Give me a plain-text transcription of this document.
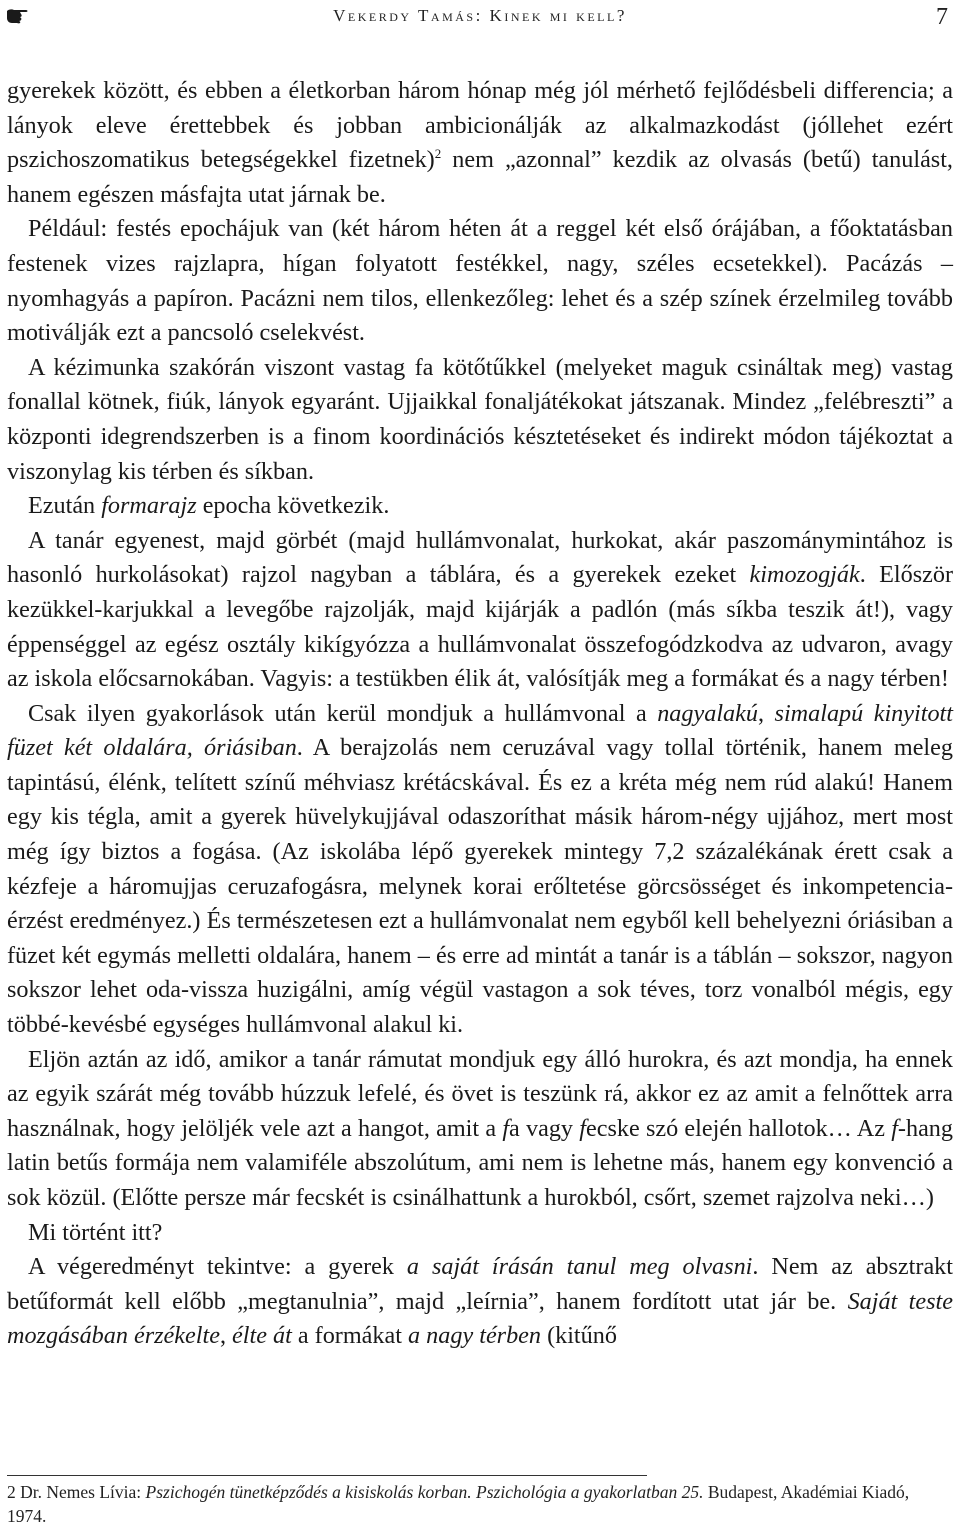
Vekerdy Tamás: Kinek mi kell?	7

gyerekek között, és ebben a életkorban három hónap még jól mérhető fejlődésbeli differencia; a lányok eleve érettebbek és jobban ambicionálják az alkalmazkodást (jóllehet ezért pszichoszomatikus betegségekkel fizetnek)$^2$ nem „azonnal” kezdik az olvasás (betű) tanulást, hanem egészen másfajta utat járnak be.

Például: festés epochájuk van (két három héten át a reggel két első órájában, a főoktatásban festenek vizes rajzlapra, hígan folyatott festékkel, nagy, széles ecsetekkel). Pacázás – nyomhagyás a papíron. Pacázni nem tilos, ellenkezőleg: lehet és a szép színek érzelmileg tovább motiválják ezt a pancsoló cselekvést.

A kézimunka szakórán viszont vastag fa kötőtűkkel (melyeket maguk csináltak meg) vastag fonallal kötnek, fiúk, lányok egyaránt. Ujjaikkal fonaljátékokat játszanak. Mindez „felébreszti” a központi idegrendszerben is a finom koordinációs késztetéseket és indirekt módon tájékoztat a viszonylag kis térben és síkban.

Ezután formarajz epocha következik.

A tanár egyenest, majd görbét (majd hullámvonalat, hurkokat, akár paszománymintához is hasonló hurkolásokat) rajzol nagyban a táblára, és a gyerekek ezeket kimozogják. Először kezükkel-karjukkal a levegőbe rajzolják, majd kijárják a padlón (más síkba teszik át!), vagy éppenséggel az egész osztály kikígyózza a hullámvonalat összefogódzkodva az udvaron, avagy az iskola előcsarnokában. Vagyis: a testükben élik át, valósítják meg a formákat és a nagy térben!

Csak ilyen gyakorlások után kerül mondjuk a hullámvonal a nagyalakú, simalapú kinyitott füzet két oldalára, óriásiban. A berajzolás nem ceruzával vagy tollal történik, hanem meleg tapintású, élénk, telített színű méhviasz krétácskával. És ez a kréta még nem rúd alakú! Hanem egy kis tégla, amit a gyerek hüvelykujjával odaszoríthat másik három-négy ujjához, mert most még így biztos a fogása. (Az iskolába lépő gyerekek mintegy 7,2 százalékának érett csak a kézfeje a háromujjas ceruzafogásra, melynek korai erőltetése görcsösséget és inkompetencia-érzést eredményez.) És természetesen ezt a hullámvonalat nem egyből kell behelyezni óriásiban a füzet két egymás melletti oldalára, hanem – és erre ad mintát a tanár is a táblán – sokszor, nagyon sokszor lehet oda-vissza huzigálni, amíg végül vastagon a sok téves, torz vonalból mégis, egy többé-kevésbé egységes hullámvonal alakul ki.

Eljön aztán az idő, amikor a tanár rámutat mondjuk egy álló hurokra, és azt mondja, ha ennek az egyik szárát még tovább húzzuk lefelé, és övet is teszünk rá, akkor ez az amit a felnőttek arra használnak, hogy jelöljék vele azt a hangot, amit a fa vagy fecske szó elején hallotok… Az f-hang latin betűs formája nem valamiféle abszolútum, ami nem is lehetne más, hanem egy konvenció a sok közül. (Előtte persze már fecskét is csinálhattunk a hurokból, csőrt, szemet rajzolva neki…)

Mi történt itt?

A végeredményt tekintve: a gyerek a saját írásán tanul meg olvasni. Nem az absztrakt betűformát kell előbb „megtanulnia”, majd „leírnia”, hanem fordított utat jár be. Saját teste mozgásában érzékelte, élte át a formákat a nagy térben (kitűnő

2 Dr. Nemes Lívia: Pszichogén tünetképződés a kisiskolás korban. Pszichológia a gyakorlatban 25. Budapest, Akadémiai Kiadó, 1974.
